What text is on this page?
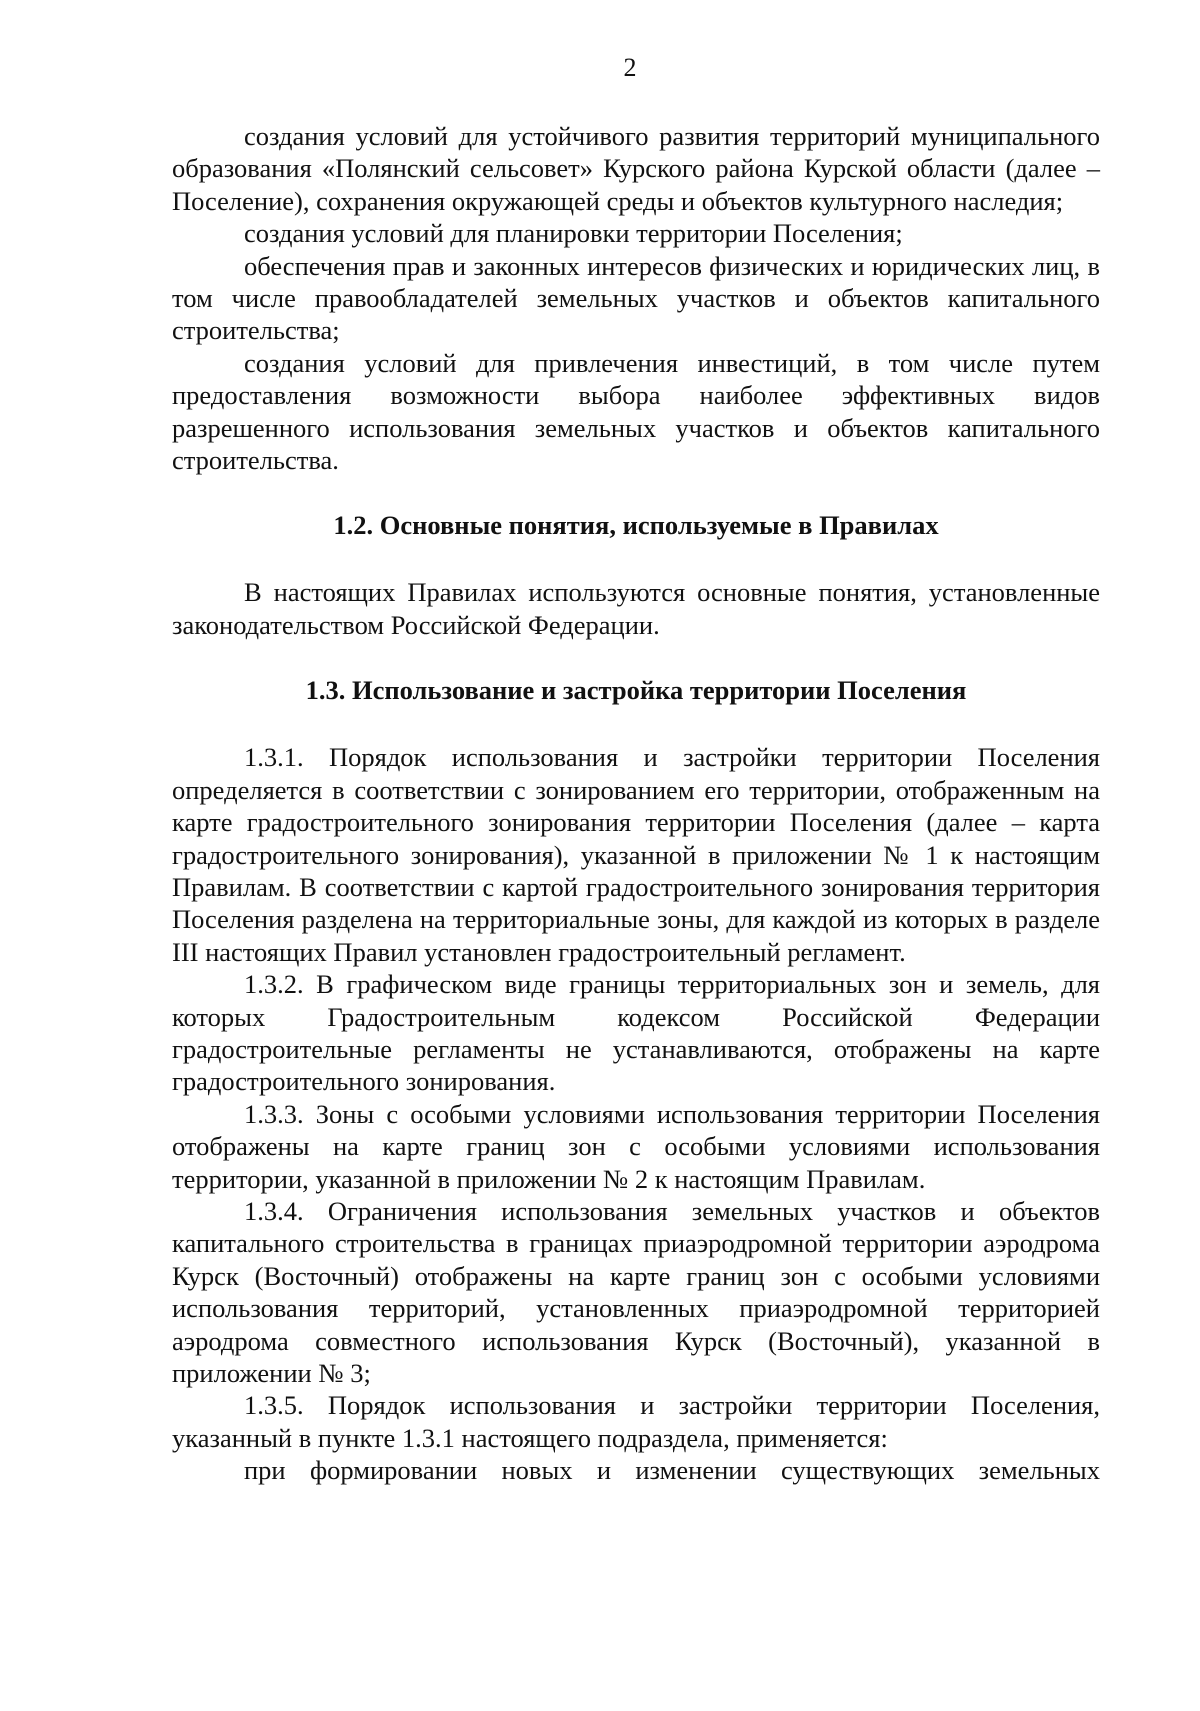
2

создания условий для устойчивого развития территорий муниципального образования «Полянский сельсовет» Курского района Курской области (далее – Поселение), сохранения окружающей среды и объектов культурного наследия;

создания условий для планировки территории Поселения;

обеспечения прав и законных интересов физических и юридических лиц, в том числе правообладателей земельных участков и объектов капитального строительства;

создания условий для привлечения инвестиций, в том числе путем предоставления возможности выбора наиболее эффективных видов разрешенного использования земельных участков и объектов капитального строительства.

1.2. Основные понятия, используемые в Правилах

В настоящих Правилах используются основные понятия, установленные законодательством Российской Федерации.

1.3. Использование и застройка территории Поселения

1.3.1. Порядок использования и застройки территории Поселения определяется в соответствии с зонированием его территории, отображенным на карте градостроительного зонирования территории Поселения (далее – карта градостроительного зонирования), указанной в приложении № 1 к настоящим Правилам. В соответствии с картой градостроительного зонирования территория Поселения разделена на территориальные зоны, для каждой из которых в разделе III настоящих Правил установлен градостроительный регламент.

1.3.2. В графическом виде границы территориальных зон и земель, для которых Градостроительным кодексом Российской Федерации градостроительные регламенты не устанавливаются, отображены на карте градостроительного зонирования.

1.3.3. Зоны с особыми условиями использования территории Поселения отображены на карте границ зон с особыми условиями использования территории, указанной в приложении № 2 к настоящим Правилам.

1.3.4. Ограничения использования земельных участков и объектов капитального строительства в границах приаэродромной территории аэродрома Курск (Восточный) отображены на карте границ зон с особыми условиями использования территорий, установленных приаэродромной территорией аэродрома совместного использования Курск (Восточный), указанной в приложении № 3;

1.3.5. Порядок использования и застройки территории Поселения, указанный в пункте 1.3.1 настоящего подраздела, применяется:

при формировании новых и изменении существующих земельных
